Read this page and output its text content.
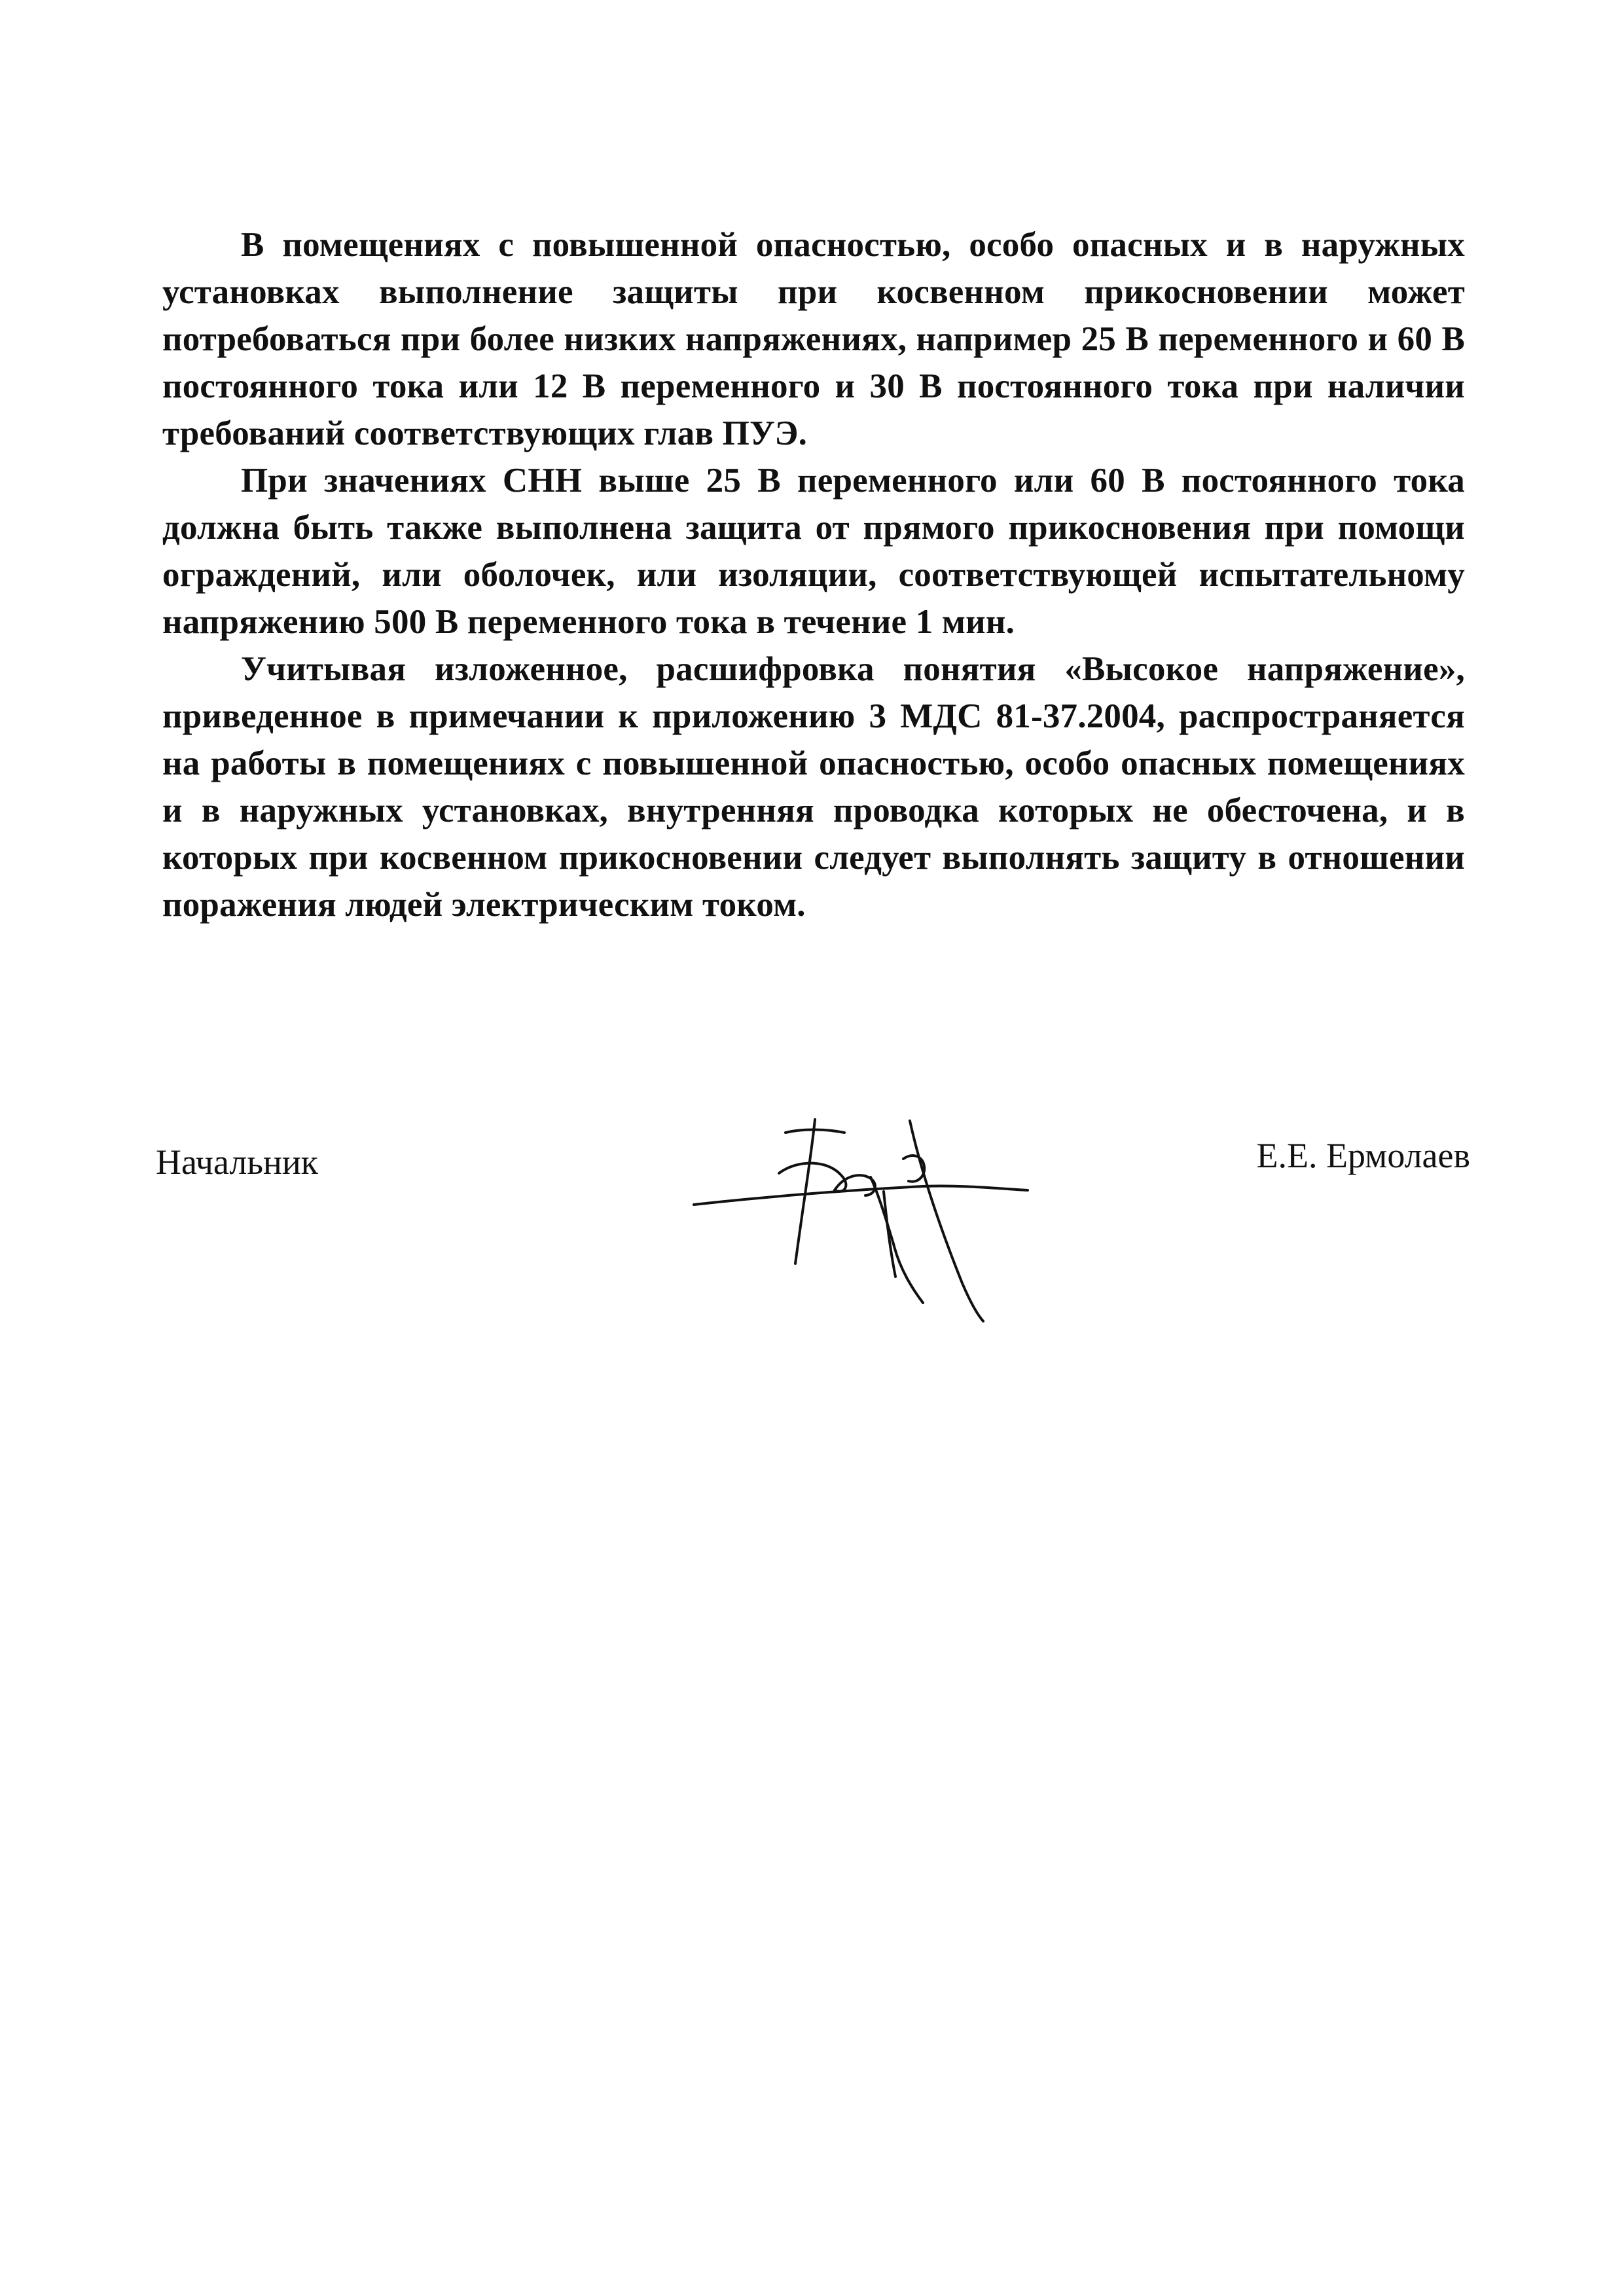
В помещениях с повышенной опасностью, особо опасных и в наружных установках выполнение защиты при косвенном прикосновении может потребоваться при более низких напряжениях, например 25 В переменного и 60 В постоянного тока или 12 В переменного и 30 В постоянного тока при наличии требований соответствующих глав ПУЭ.

При значениях СНН выше 25 В переменного или 60 В постоянного тока должна быть также выполнена защита от прямого прикосновения при помощи ограждений, или оболочек, или изоляции, соответствующей испытательному напряжению 500 В переменного тока в течение 1 мин.

Учитывая изложенное, расшифровка понятия «Высокое напряжение», приведенное в примечании к приложению 3 МДС 81-37.2004, распространяется на работы в помещениях с повышенной опасностью, особо опасных помещениях и в наружных установках, внутренняя проводка которых не обесточена, и в которых при косвенном прикосновении следует выполнять защиту в отношении поражения людей электрическим током.

Начальник	Е.Е. Ермолаев
